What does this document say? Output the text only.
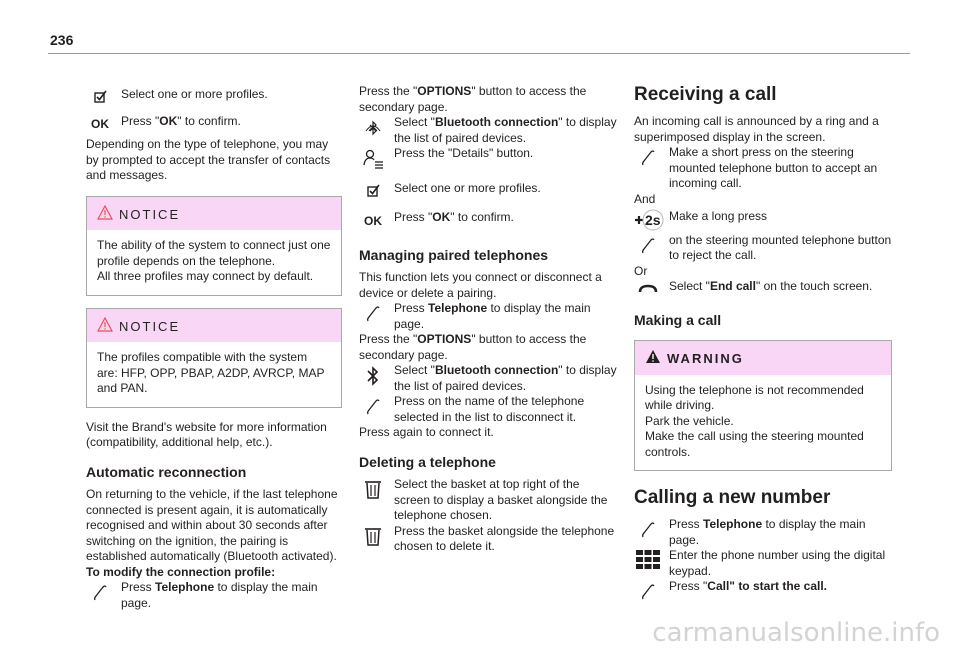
236

Select one or more profiles.

OK	Press "OK" to confirm.

Depending on the type of telephone, you may by prompted to accept the transfer of contacts and messages.

NOTICE

The ability of the system to connect just one profile depends on the telephone.

All three profiles may connect by default.

NOTICE

The profiles compatible with the system are: HFP, OPP, PBAP, A2DP, AVRCP, MAP and PAN.

Visit the Brand's website for more information (compatibility, additional help, etc.).

Automatic reconnection

On returning to the vehicle, if the last telephone connected is present again, it is automatically recognised and within about 30 seconds after switching on the ignition, the pairing is established automatically (Bluetooth activated).

To modify the connection profile:

Press Telephone to display the main page.

Press the "OPTIONS" button to access the secondary page.

Select "Bluetooth connection" to display the list of paired devices.

Press the "Details" button.

Select one or more profiles.

OK	Press "OK" to confirm.

Managing paired telephones

This function lets you connect or disconnect a device or delete a pairing.

Press Telephone to display the main page.

Press the "OPTIONS" button to access the secondary page.

Select "Bluetooth connection" to display the list of paired devices.

Press on the name of the telephone selected in the list to disconnect it.

Press again to connect it.

Deleting a telephone

Select the basket at top right of the screen to display a basket alongside the telephone chosen.

Press the basket alongside the telephone chosen to delete it.

Receiving a call

An incoming call is announced by a ring and a superimposed display in the screen.

Make a short press on the steering mounted telephone button to accept an incoming call.

And

2s Make a long press

on the steering mounted telephone button to reject the call.

Or

Select "End call" on the touch screen.

Making a call

WARNING

Using the telephone is not recommended while driving.

Park the vehicle.

Make the call using the steering mounted controls.

Calling a new number

Press Telephone to display the main page.

Enter the phone number using the digital keypad.

Press "Call" to start the call.

carmanualsonline.info
